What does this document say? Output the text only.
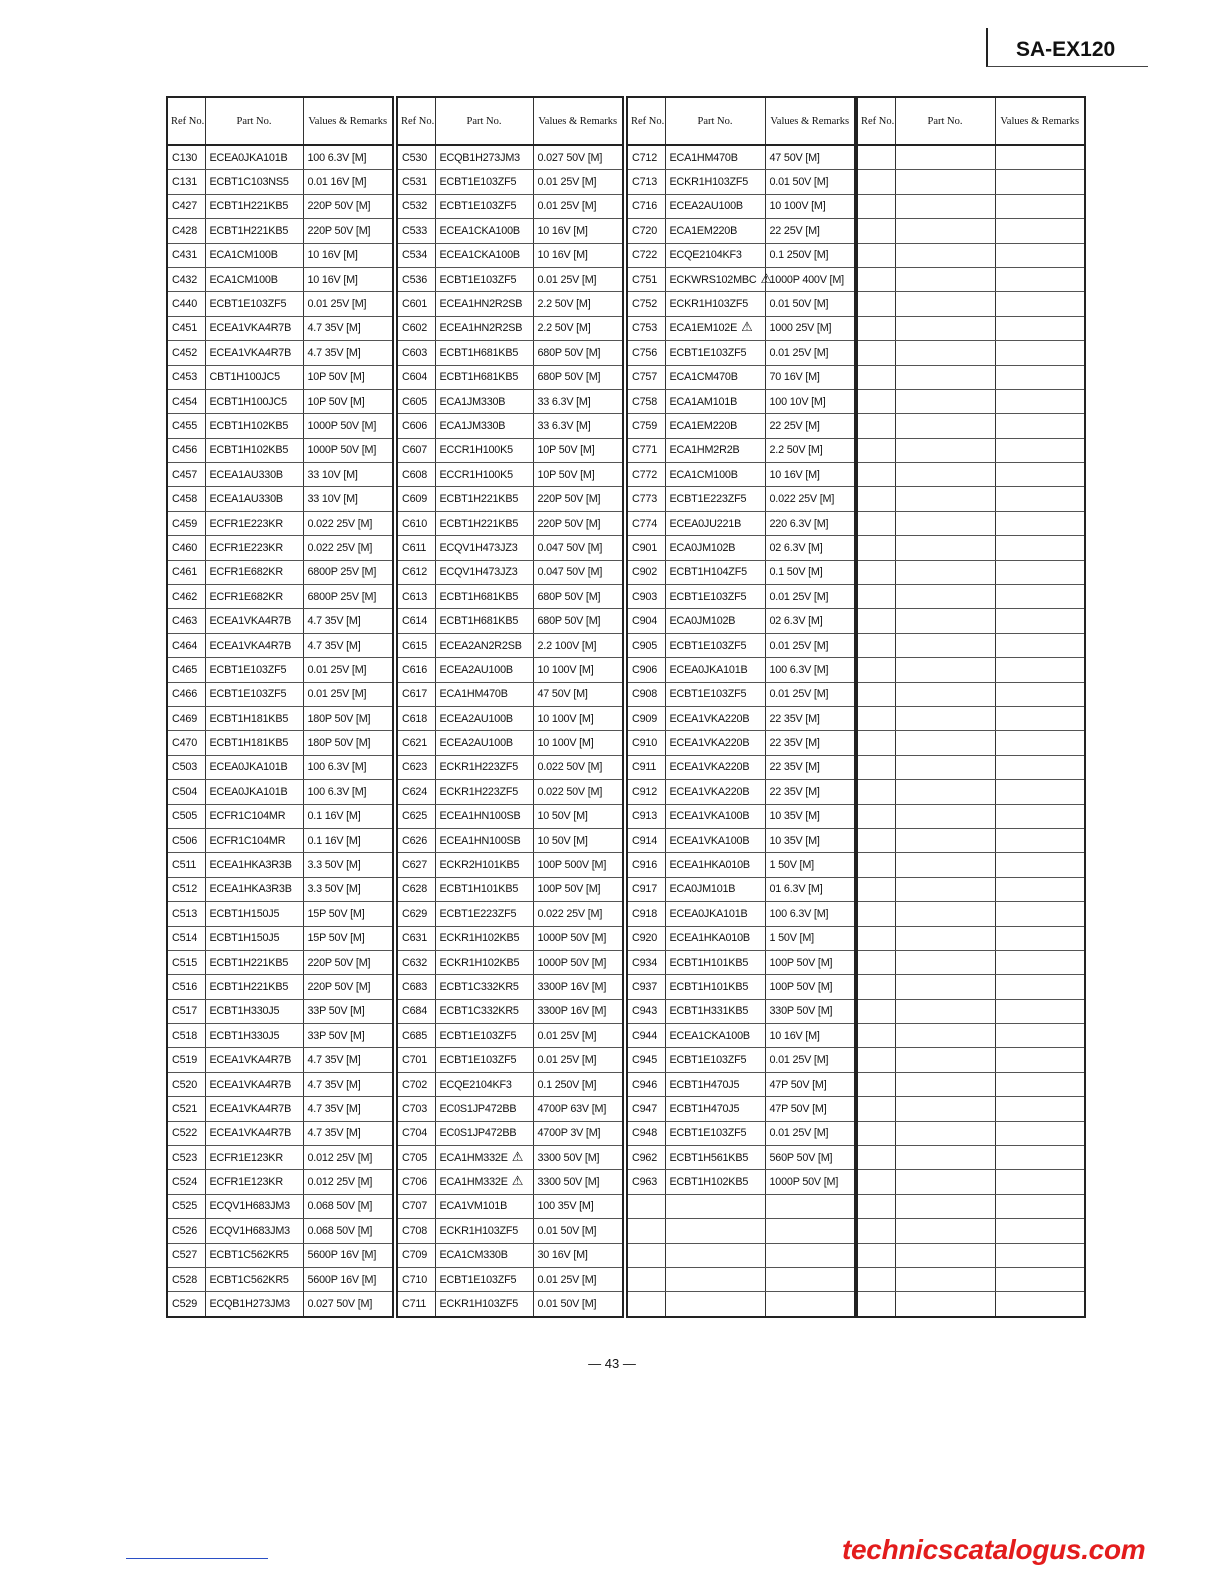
SA-EX120
Ref No.	Part No.	Values & Remarks
C130	ECEA0JKA101B	100 6.3V [M]
C131	ECBT1C103NS5	0.01 16V [M]
C427	ECBT1H221KB5	220P 50V [M]
C428	ECBT1H221KB5	220P 50V [M]
C431	ECA1CM100B	10 16V [M]
C432	ECA1CM100B	10 16V [M]
C440	ECBT1E103ZF5	0.01 25V [M]
C451	ECEA1VKA4R7B	4.7 35V [M]
C452	ECEA1VKA4R7B	4.7 35V [M]
C453	CBT1H100JC5	10P 50V [M]
C454	ECBT1H100JC5	10P 50V [M]
C455	ECBT1H102KB5	1000P 50V [M]
C456	ECBT1H102KB5	1000P 50V [M]
C457	ECEA1AU330B	33 10V [M]
C458	ECEA1AU330B	33 10V [M]
C459	ECFR1E223KR	0.022 25V [M]
C460	ECFR1E223KR	0.022 25V [M]
C461	ECFR1E682KR	6800P 25V [M]
C462	ECFR1E682KR	6800P 25V [M]
C463	ECEA1VKA4R7B	4.7 35V [M]
C464	ECEA1VKA4R7B	4.7 35V [M]
C465	ECBT1E103ZF5	0.01 25V [M]
C466	ECBT1E103ZF5	0.01 25V [M]
C469	ECBT1H181KB5	180P 50V [M]
C470	ECBT1H181KB5	180P 50V [M]
C503	ECEA0JKA101B	100 6.3V [M]
C504	ECEA0JKA101B	100 6.3V [M]
C505	ECFR1C104MR	0.1 16V [M]
C506	ECFR1C104MR	0.1 16V [M]
C511	ECEA1HKA3R3B	3.3 50V [M]
C512	ECEA1HKA3R3B	3.3 50V [M]
C513	ECBT1H150J5	15P 50V [M]
C514	ECBT1H150J5	15P 50V [M]
C515	ECBT1H221KB5	220P 50V [M]
C516	ECBT1H221KB5	220P 50V [M]
C517	ECBT1H330J5	33P 50V [M]
C518	ECBT1H330J5	33P 50V [M]
C519	ECEA1VKA4R7B	4.7 35V [M]
C520	ECEA1VKA4R7B	4.7 35V [M]
C521	ECEA1VKA4R7B	4.7 35V [M]
C522	ECEA1VKA4R7B	4.7 35V [M]
C523	ECFR1E123KR	0.012 25V [M]
C524	ECFR1E123KR	0.012 25V [M]
C525	ECQV1H683JM3	0.068 50V [M]
C526	ECQV1H683JM3	0.068 50V [M]
C527	ECBT1C562KR5	5600P 16V [M]
C528	ECBT1C562KR5	5600P 16V [M]
C529	ECQB1H273JM3	0.027 50V [M]
Ref No.	Part No.	Values & Remarks
C530	ECQB1H273JM3	0.027 50V [M]
C531	ECBT1E103ZF5	0.01 25V [M]
C532	ECBT1E103ZF5	0.01 25V [M]
C533	ECEA1CKA100B	10 16V [M]
C534	ECEA1CKA100B	10 16V [M]
C536	ECBT1E103ZF5	0.01 25V [M]
C601	ECEA1HN2R2SB	2.2 50V [M]
C602	ECEA1HN2R2SB	2.2 50V [M]
C603	ECBT1H681KB5	680P 50V [M]
C604	ECBT1H681KB5	680P 50V [M]
C605	ECA1JM330B	33 6.3V [M]
C606	ECA1JM330B	33 6.3V [M]
C607	ECCR1H100K5	10P 50V [M]
C608	ECCR1H100K5	10P 50V [M]
C609	ECBT1H221KB5	220P 50V [M]
C610	ECBT1H221KB5	220P 50V [M]
C611	ECQV1H473JZ3	0.047 50V [M]
C612	ECQV1H473JZ3	0.047 50V [M]
C613	ECBT1H681KB5	680P 50V [M]
C614	ECBT1H681KB5	680P 50V [M]
C615	ECEA2AN2R2SB	2.2 100V [M]
C616	ECEA2AU100B	10 100V [M]
C617	ECA1HM470B	47 50V [M]
C618	ECEA2AU100B	10 100V [M]
C621	ECEA2AU100B	10 100V [M]
C623	ECKR1H223ZF5	0.022 50V [M]
C624	ECKR1H223ZF5	0.022 50V [M]
C625	ECEA1HN100SB	10 50V [M]
C626	ECEA1HN100SB	10 50V [M]
C627	ECKR2H101KB5	100P 500V [M]
C628	ECBT1H101KB5	100P 50V [M]
C629	ECBT1E223ZF5	0.022 25V [M]
C631	ECKR1H102KB5	1000P 50V [M]
C632	ECKR1H102KB5	1000P 50V [M]
C683	ECBT1C332KR5	3300P 16V [M]
C684	ECBT1C332KR5	3300P 16V [M]
C685	ECBT1E103ZF5	0.01 25V [M]
C701	ECBT1E103ZF5	0.01 25V [M]
C702	ECQE2104KF3	0.1 250V [M]
C703	EC0S1JP472BB	4700P 63V [M]
C704	EC0S1JP472BB	4700P 3V [M]
C705	ECA1HM332E ⚠	3300 50V [M]
C706	ECA1HM332E ⚠	3300 50V [M]
C707	ECA1VM101B	100 35V [M]
C708	ECKR1H103ZF5	0.01 50V [M]
C709	ECA1CM330B	30 16V [M]
C710	ECBT1E103ZF5	0.01 25V [M]
C711	ECKR1H103ZF5	0.01 50V [M]
Ref No.	Part No.	Values & Remarks
C712	ECA1HM470B	47 50V [M]
C713	ECKR1H103ZF5	0.01 50V [M]
C716	ECEA2AU100B	10 100V [M]
C720	ECA1EM220B	22 25V [M]
C722	ECQE2104KF3	0.1 250V [M]
C751	ECKWRS102MBC ⚠	1000P 400V [M]
C752	ECKR1H103ZF5	0.01 50V [M]
C753	ECA1EM102E ⚠	1000 25V [M]
C756	ECBT1E103ZF5	0.01 25V [M]
C757	ECA1CM470B	70 16V [M]
C758	ECA1AM101B	100 10V [M]
C759	ECA1EM220B	22 25V [M]
C771	ECA1HM2R2B	2.2 50V [M]
C772	ECA1CM100B	10 16V [M]
C773	ECBT1E223ZF5	0.022 25V [M]
C774	ECEA0JU221B	220 6.3V [M]
C901	ECA0JM102B	02 6.3V [M]
C902	ECBT1H104ZF5	0.1 50V [M]
C903	ECBT1E103ZF5	0.01 25V [M]
C904	ECA0JM102B	02 6.3V [M]
C905	ECBT1E103ZF5	0.01 25V [M]
C906	ECEA0JKA101B	100 6.3V [M]
C908	ECBT1E103ZF5	0.01 25V [M]
C909	ECEA1VKA220B	22 35V [M]
C910	ECEA1VKA220B	22 35V [M]
C911	ECEA1VKA220B	22 35V [M]
C912	ECEA1VKA220B	22 35V [M]
C913	ECEA1VKA100B	10 35V [M]
C914	ECEA1VKA100B	10 35V [M]
C916	ECEA1HKA010B	1 50V [M]
C917	ECA0JM101B	01 6.3V [M]
C918	ECEA0JKA101B	100 6.3V [M]
C920	ECEA1HKA010B	1 50V [M]
C934	ECBT1H101KB5	100P 50V [M]
C937	ECBT1H101KB5	100P 50V [M]
C943	ECBT1H331KB5	330P 50V [M]
C944	ECEA1CKA100B	10 16V [M]
C945	ECBT1E103ZF5	0.01 25V [M]
C946	ECBT1H470J5	47P 50V [M]
C947	ECBT1H470J5	47P 50V [M]
C948	ECBT1E103ZF5	0.01 25V [M]
C962	ECBT1H561KB5	560P 50V [M]
C963	ECBT1H102KB5	1000P 50V [M]

Ref No.	Part No.	Values & Remarks

— 43 —
technicscatalogus.com
